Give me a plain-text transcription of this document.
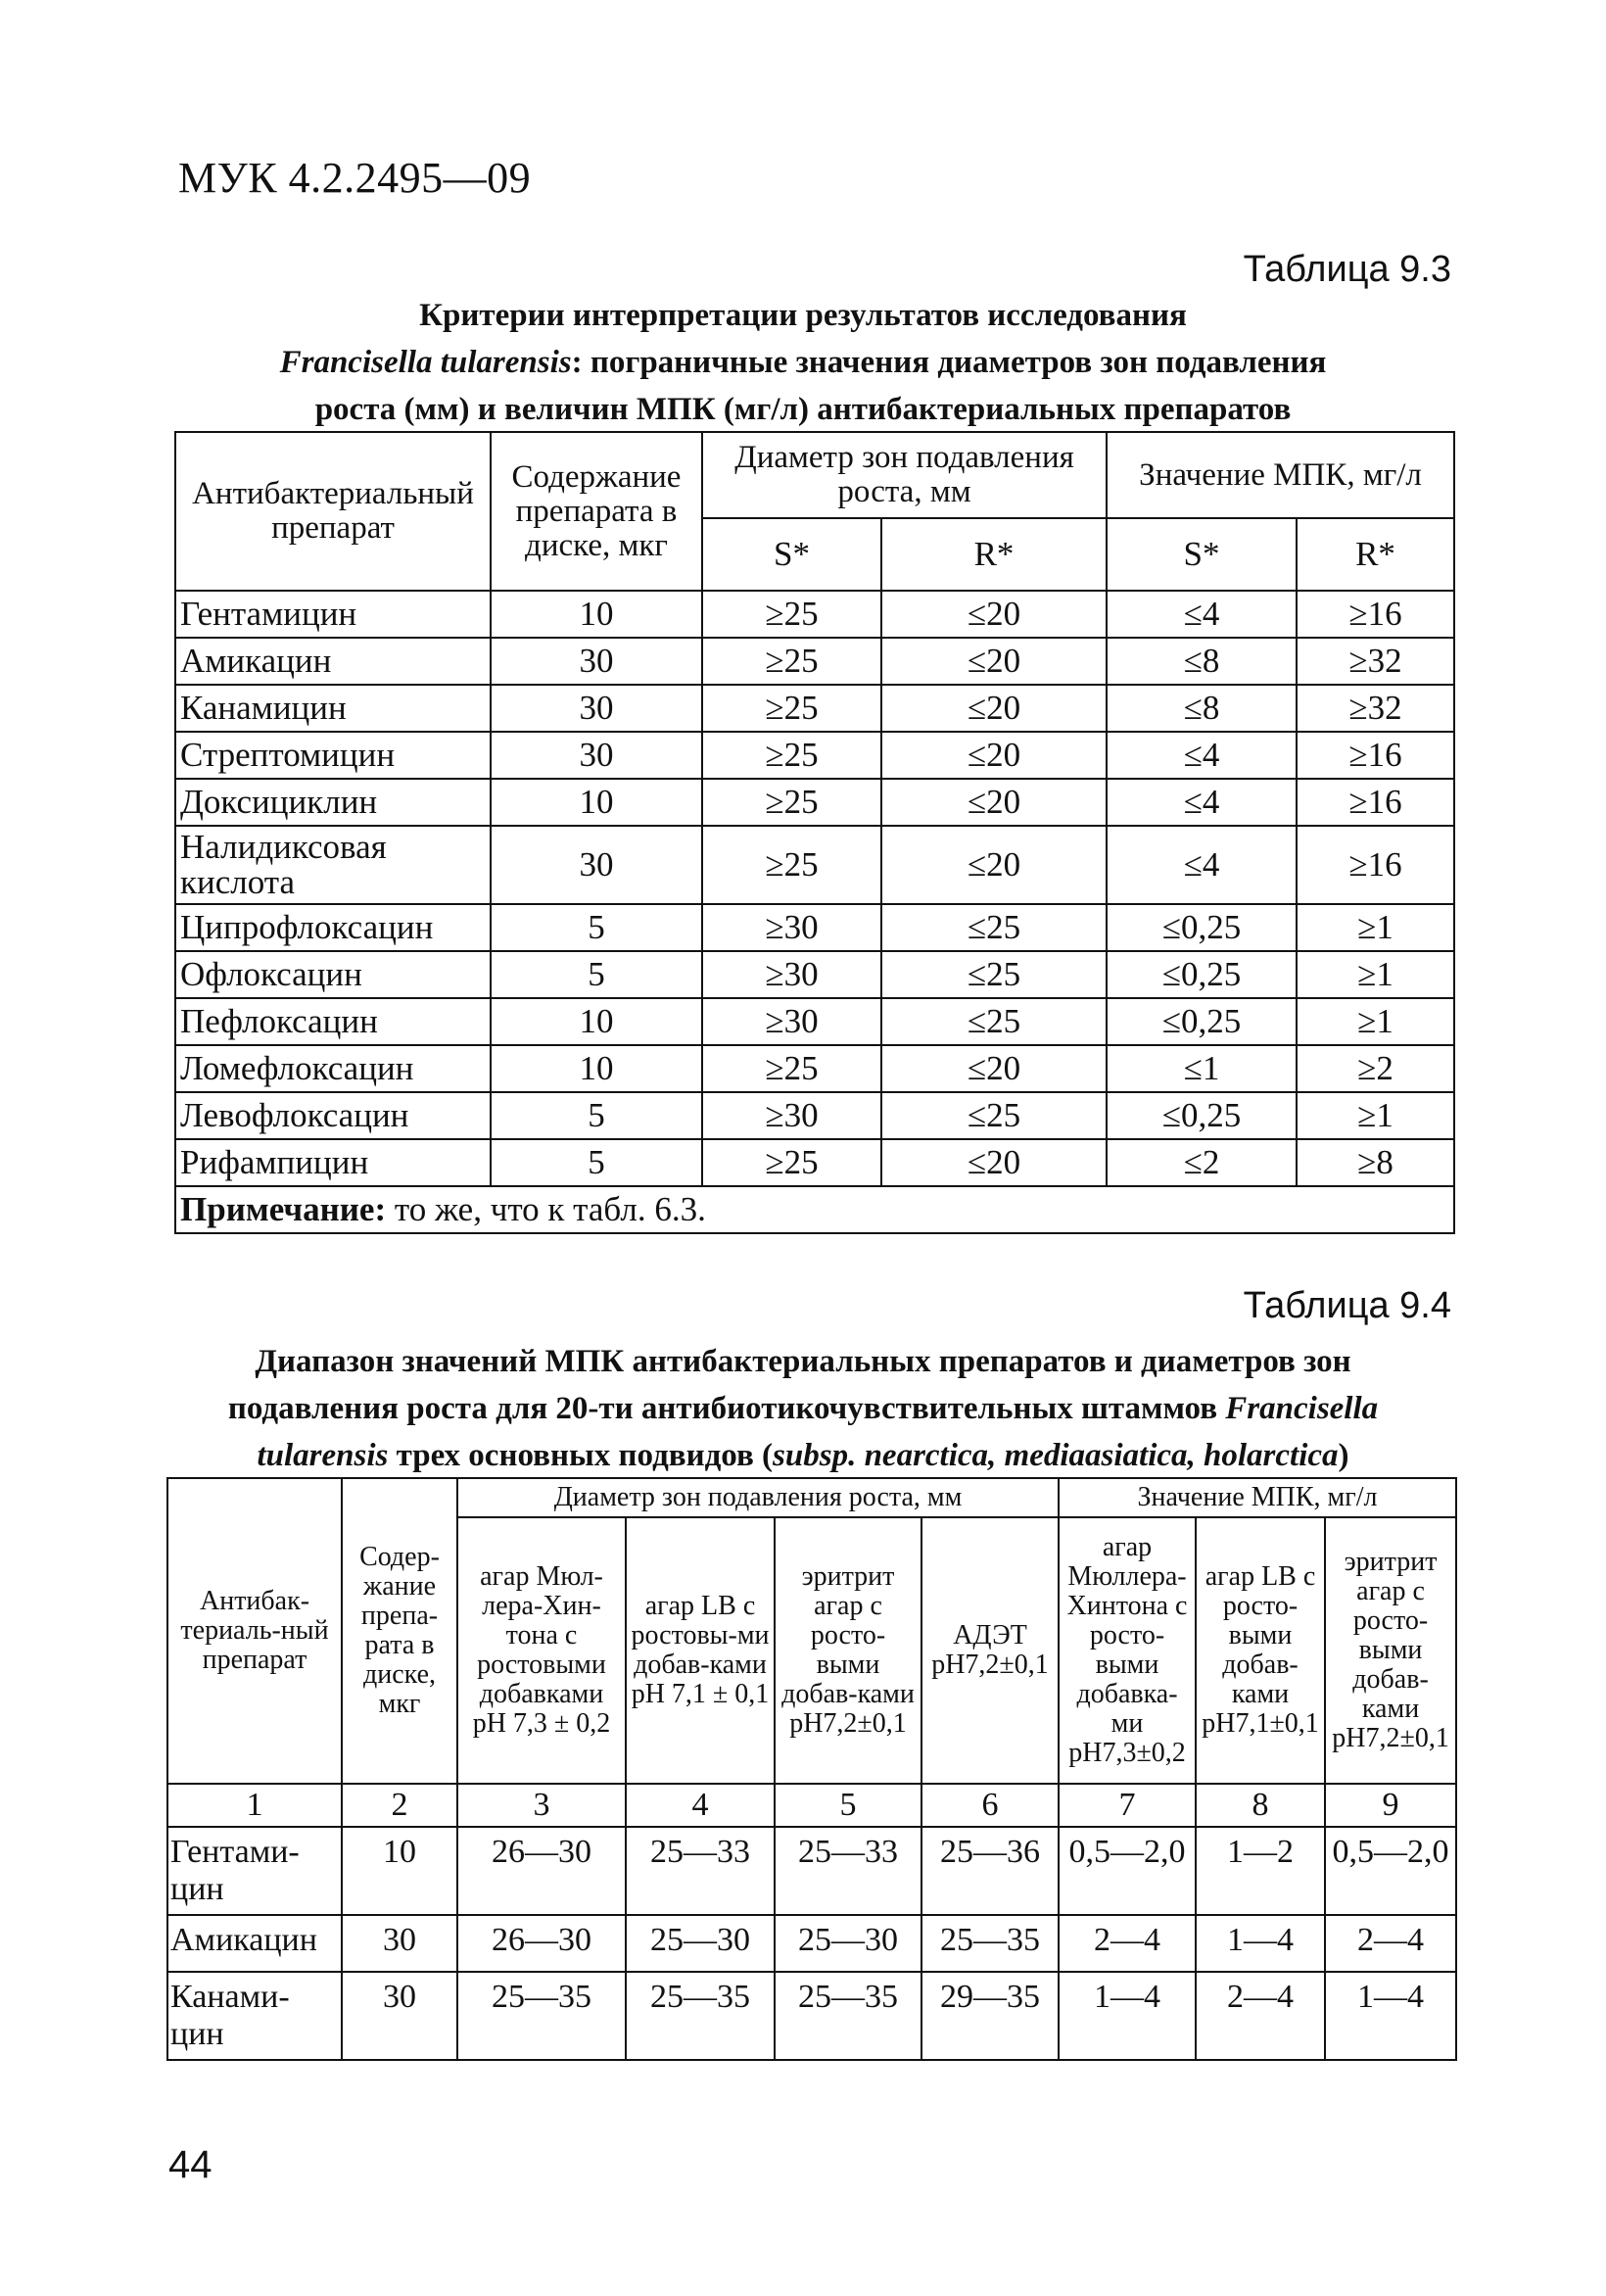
МУК 4.2.2495—09
Таблица 9.3
Критерии интерпретации результатов исследования
Francisella tularensis: пограничные значения диаметров зон подавления
роста (мм) и величин МПК (мг/л) антибактериальных препаратов
Антибактериальный препарат	Содержание препарата в диске, мкг	Диаметр зон подавления роста, мм		Значение МПК, мг/л	
		S*	R*	S*	R*
Гентамицин	10	≥25	≤20	≤4	≥16
Амикацин	30	≥25	≤20	≤8	≥32
Канамицин	30	≥25	≤20	≤8	≥32
Стрептомицин	30	≥25	≤20	≤4	≥16
Доксициклин	10	≥25	≤20	≤4	≥16
Налидиксовая кислота	30	≥25	≤20	≤4	≥16
Ципрофлоксацин	5	≥30	≤25	≤0,25	≥1
Офлоксацин	5	≥30	≤25	≤0,25	≥1
Пефлоксацин	10	≥30	≤25	≤0,25	≥1
Ломефлоксацин	10	≥25	≤20	≤1	≥2
Левофлоксацин	5	≥30	≤25	≤0,25	≥1
Рифампицин	5	≥25	≤20	≤2	≥8
Примечание: то же, что к табл. 6.3.					
Таблица 9.4
Диапазон значений МПК антибактериальных препаратов и диаметров зон
подавления роста для 20-ти антибиотикочувствительных штаммов Francisella
tularensis трех основных подвидов (subsp. nearctica, mediaasiatica, holarctica)
Антибак-териаль-ный препарат	Содер-жание препа-рата в диске, мкг	Диаметр зон подавления роста, мм				Значение МПК, мг/л		
		агар Мюл-лера-Хин-тона с ростовыми добавками pH 7,3 ± 0,2	агар LB с ростовы-ми добав-ками pH 7,1 ± 0,1	эритрит агар с росто-выми добав-ками pH7,2±0,1	АДЭТ pH7,2±0,1	агар Мюллера-Хинтона с росто-выми добавка-ми pH7,3±0,2	агар LB с росто-выми добав-ками pH7,1±0,1	эритрит агар с росто-выми добав-ками pH7,2±0,1
1	2	3	4	5	6	7	8	9
Гентами-цин	10	26—30	25—33	25—33	25—36	0,5—2,0	1—2	0,5—2,0
Амикацин	30	26—30	25—30	25—30	25—35	2—4	1—4	2—4
Канами-цин	30	25—35	25—35	25—35	29—35	1—4	2—4	1—4
44
